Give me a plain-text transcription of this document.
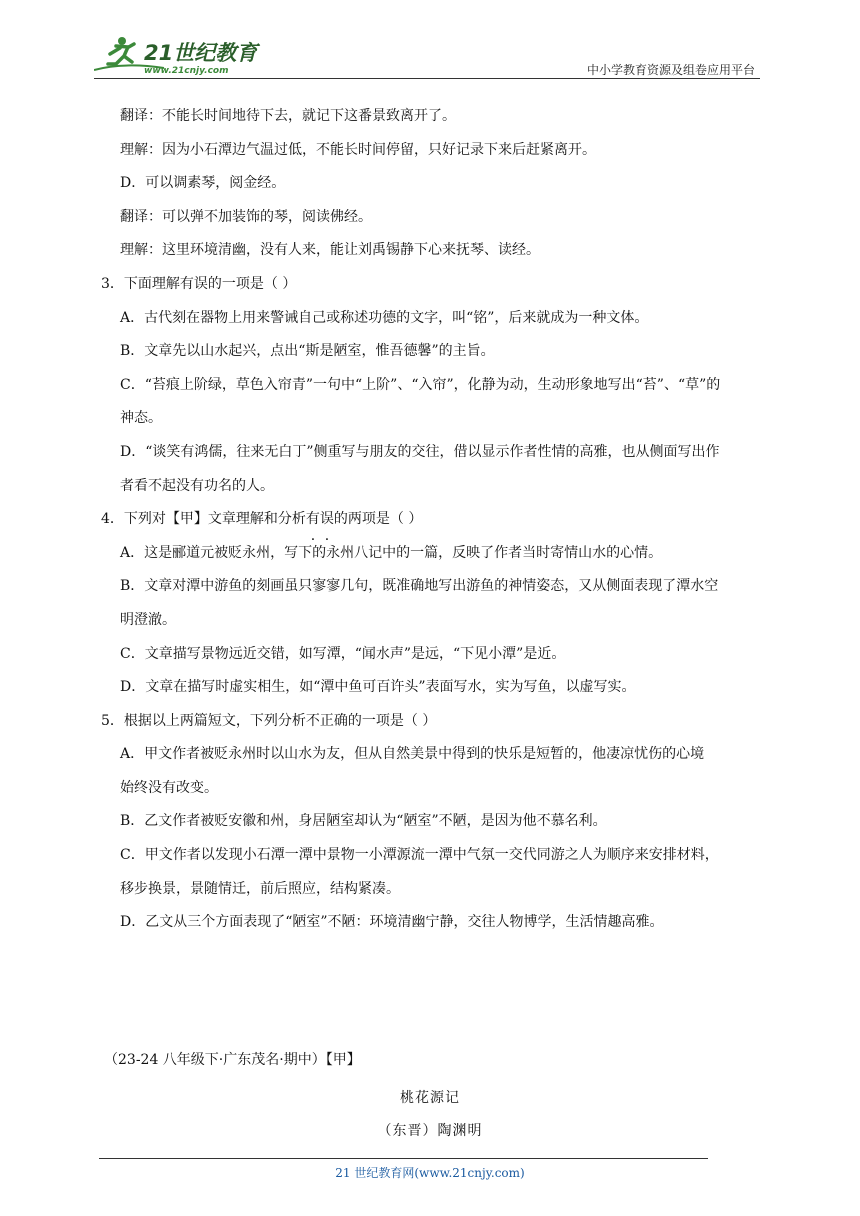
21世纪教育
www.21cnjy.com	中小学教育资源及组卷应用平台
翻译：不能长时间地待下去，就记下这番景致离开了。
理解：因为小石潭边气温过低，不能长时间停留，只好记录下来后赶紧离开。
D．可以调素琴，阅金经。
翻译：可以弹不加装饰的琴，阅读佛经。
理解：这里环境清幽，没有人来，能让刘禹锡静下心来抚琴、读经。
3．下面理解有误的一项是（ ）
A．古代刻在器物上用来警诫自己或称述功德的文字，叫“铭”，后来就成为一种文体。
B．文章先以山水起兴，点出“斯是陋室，惟吾德馨”的主旨。
C．“苔痕上阶绿，草色入帘青”一句中“上阶”、“入帘”，化静为动，生动形象地写出“苔”、“草”的
神态。
D．“谈笑有鸿儒，往来无白丁”侧重写与朋友的交往，借以显示作者性情的高雅，也从侧面写出作
者看不起没有功名的人。
4．下列对【甲】文章理解和分析有误的两项是（ ）
A．这是郦道元被贬永州，写下的永州八记中的一篇，反映了作者当时寄情山水的心情。
B．文章对潭中游鱼的刻画虽只寥寥几句，既准确地写出游鱼的神情姿态，又从侧面表现了潭水空
明澄澈。
C．文章描写景物远近交错，如写潭，“闻水声”是远，“下见小潭”是近。
D．文章在描写时虚实相生，如“潭中鱼可百许头”表面写水，实为写鱼，以虚写实。
5．根据以上两篇短文，下列分析不正确的一项是（ ）
A．甲文作者被贬永州时以山水为友，但从自然美景中得到的快乐是短暂的，他凄凉忧伤的心境
始终没有改变。
B．乙文作者被贬安徽和州，身居陋室却认为“陋室”不陋，是因为他不慕名利。
C．甲文作者以发现小石潭一潭中景物一小潭源流一潭中气氛一交代同游之人为顺序来安排材料，
移步换景，景随情迁，前后照应，结构紧凑。
D．乙文从三个方面表现了“陋室”不陋：环境清幽宁静，交往人物博学，生活情趣高雅。
（23-24 八年级下·广东茂名·期中）【甲】
桃花源记
（东晋）陶渊明
21 世纪教育网(www.21cnjy.com)
